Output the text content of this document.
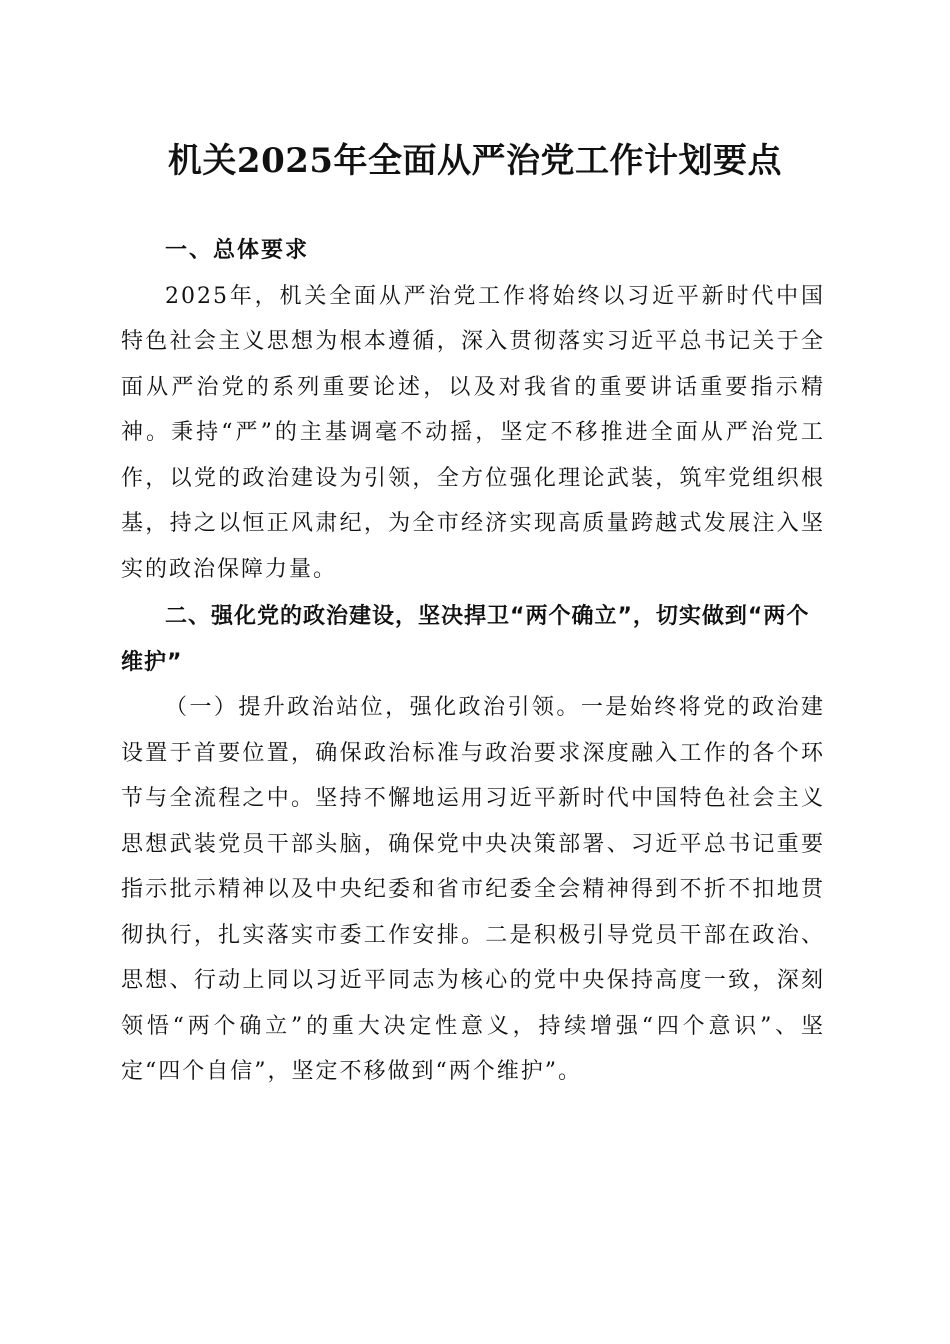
机关2025年全面从严治党工作计划要点
一、总体要求

2025年，机关全面从严治党工作将始终以习近平新时代中国特色社会主义思想为根本遵循，深入贯彻落实习近平总书记关于全面从严治党的系列重要论述，以及对我省的重要讲话重要指示精神。秉持“严”的主基调毫不动摇，坚定不移推进全面从严治党工作，以党的政治建设为引领，全方位强化理论武装，筑牢党组织根基，持之以恒正风肃纪，为全市经济实现高质量跨越式发展注入坚实的政治保障力量。

二、强化党的政治建设，坚决捍卫“两个确立”，切实做到“两个维护”

（一）提升政治站位，强化政治引领。一是始终将党的政治建设置于首要位置，确保政治标准与政治要求深度融入工作的各个环节与全流程之中。坚持不懈地运用习近平新时代中国特色社会主义思想武装党员干部头脑，确保党中央决策部署、习近平总书记重要指示批示精神以及中央纪委和省市纪委全会精神得到不折不扣地贯彻执行，扎实落实市委工作安排。二是积极引导党员干部在政治、思想、行动上同以习近平同志为核心的党中央保持高度一致，深刻领悟“两个确立”的重大决定性意义，持续增强“四个意识”、坚定“四个自信”，坚定不移做到“两个维护”。
